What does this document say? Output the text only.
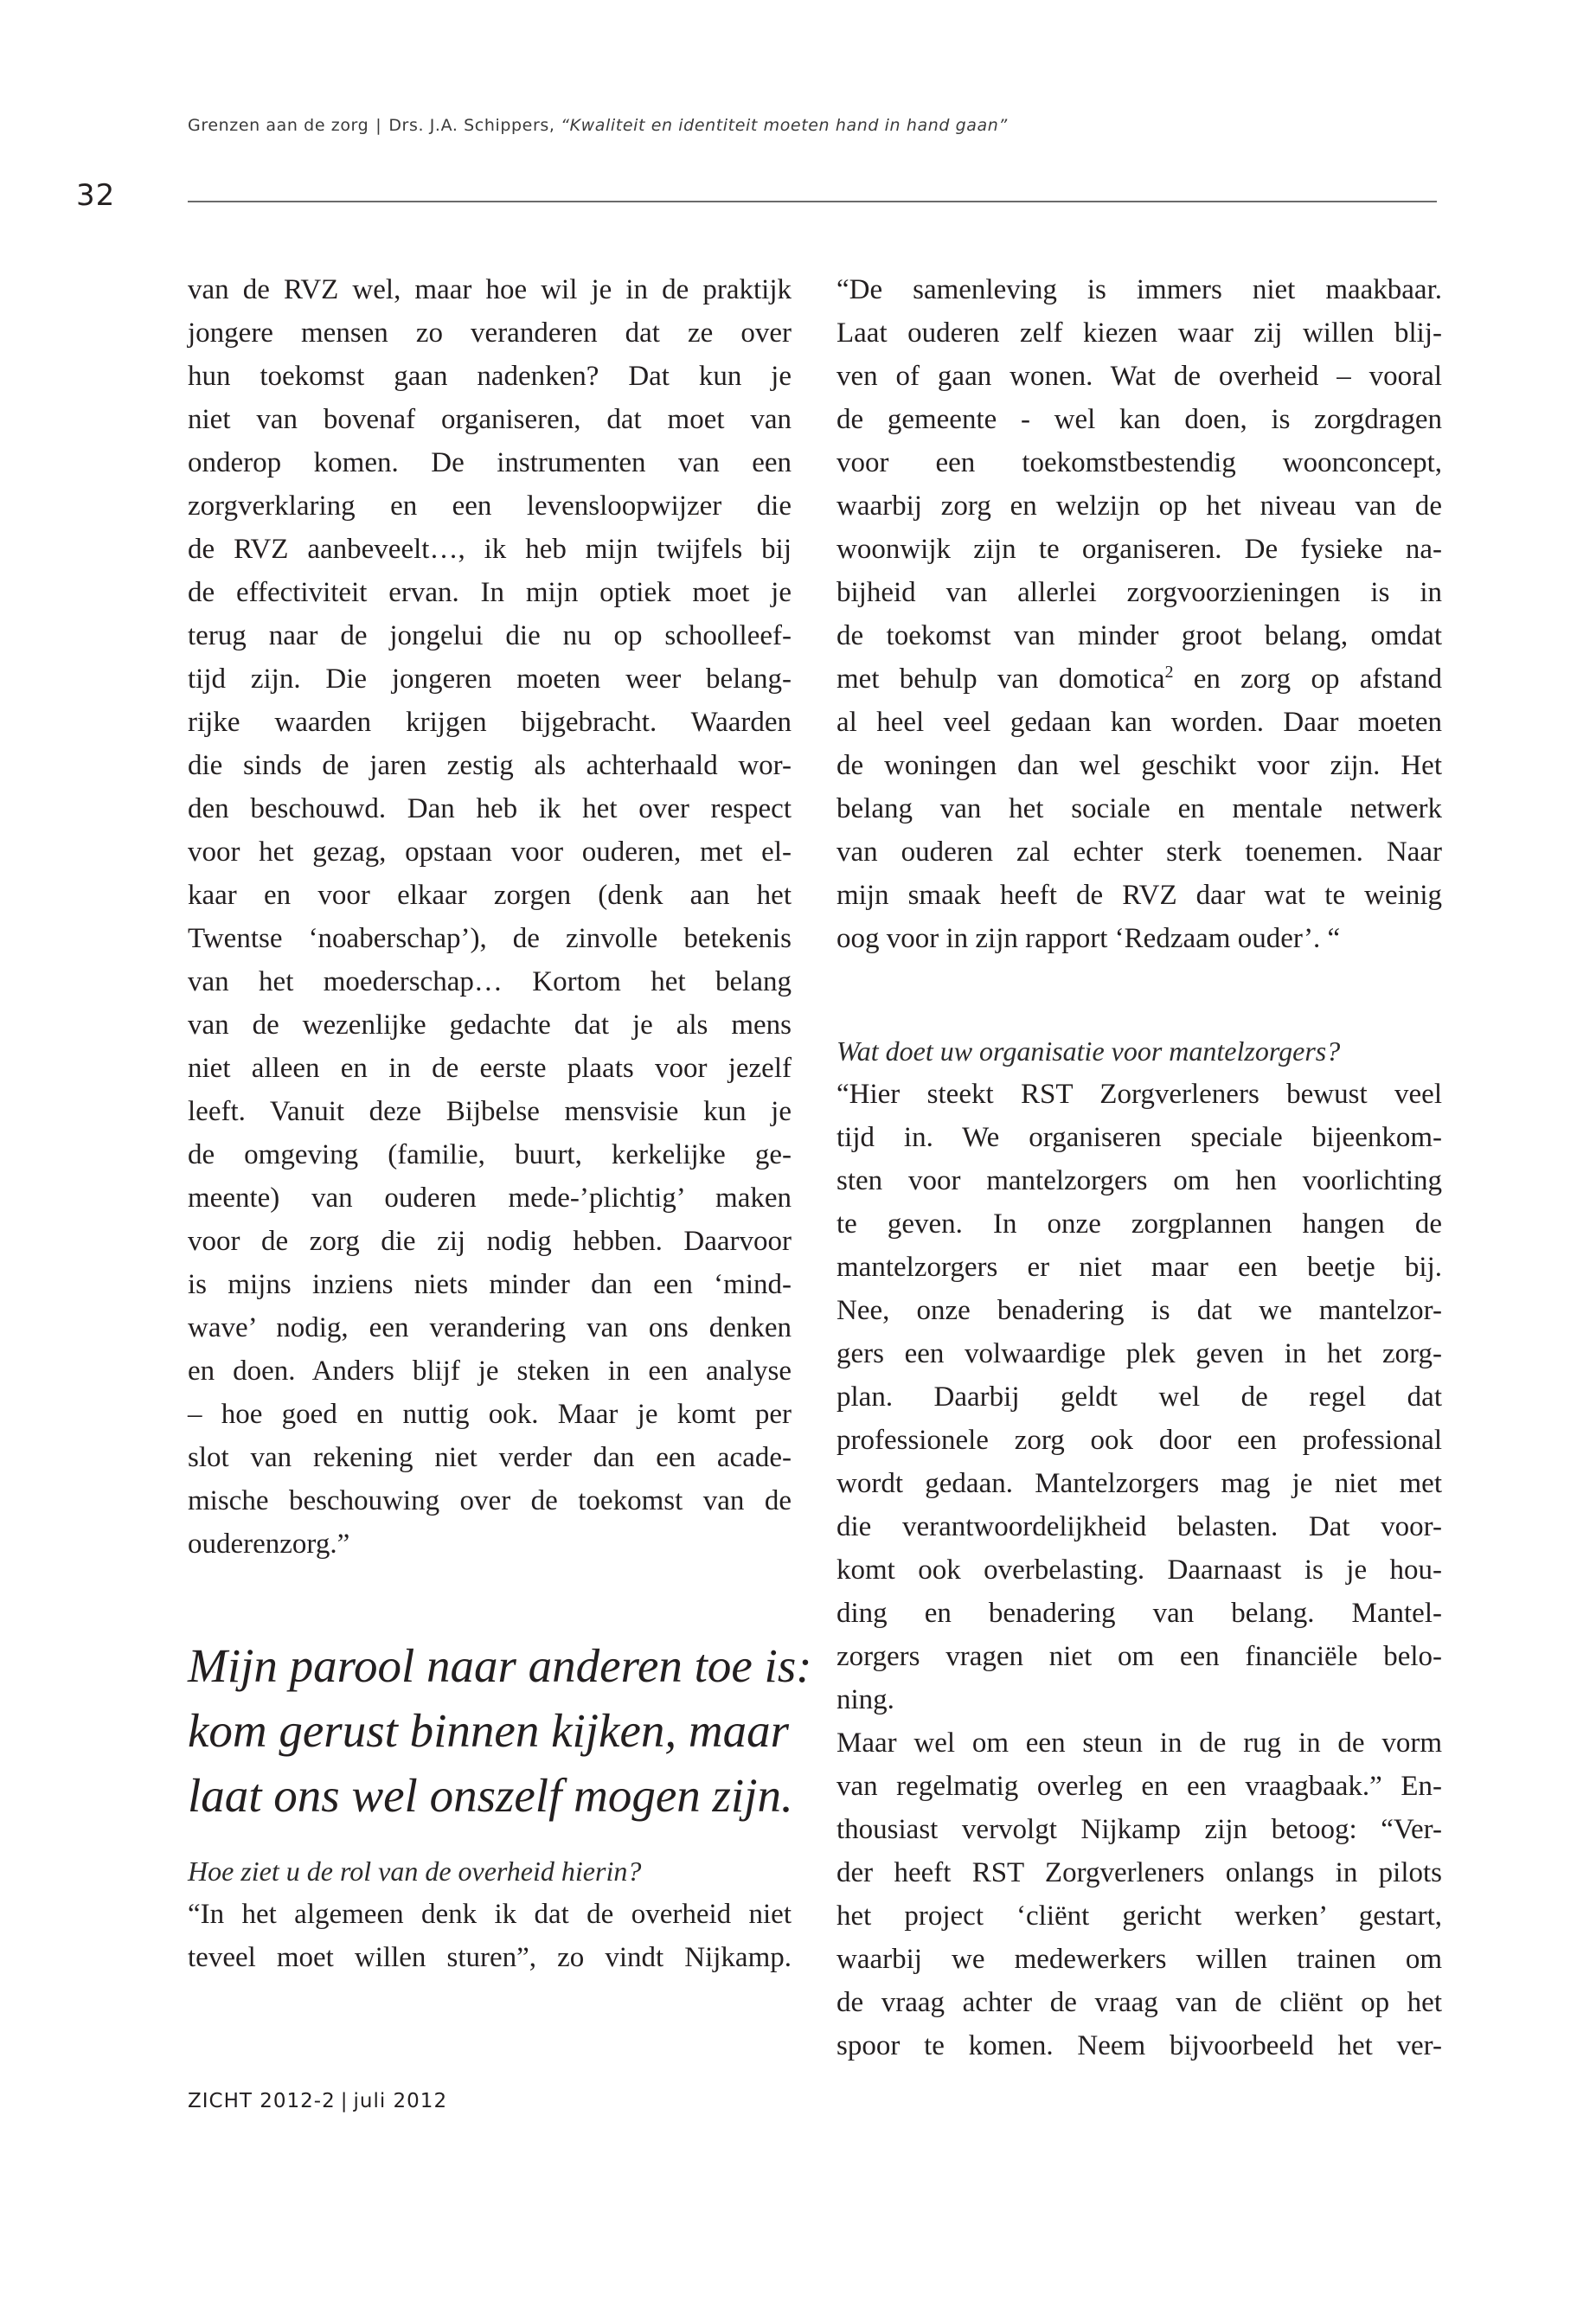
Grenzen aan de zorg | Drs. J.A. Schippers, “Kwaliteit en identiteit moeten hand in hand gaan”
32
van de RVZ wel, maar hoe wil je in de praktijk
jongere mensen zo veranderen dat ze over
hun toekomst gaan nadenken? Dat kun je
niet van bovenaf organiseren, dat moet van
onderop komen. De instrumenten van een
zorgverklaring en een levensloopwijzer die
de RVZ aanbeveelt…, ik heb mijn twijfels bij
de effectiviteit ervan. In mijn optiek moet je
terug naar de jongelui die nu op schoolleef-
tijd zijn. Die jongeren moeten weer belang-
rijke waarden krijgen bijgebracht. Waarden
die sinds de jaren zestig als achterhaald wor-
den beschouwd. Dan heb ik het over respect
voor het gezag, opstaan voor ouderen, met el-
kaar en voor elkaar zorgen (denk aan het
Twentse ‘noaberschap’), de zinvolle betekenis
van het moederschap… Kortom het belang
van de wezenlijke gedachte dat je als mens
niet alleen en in de eerste plaats voor jezelf
leeft. Vanuit deze Bijbelse mensvisie kun je
de omgeving (familie, buurt, kerkelijke ge-
meente) van ouderen mede-’plichtig’ maken
voor de zorg die zij nodig hebben. Daarvoor
is mijns inziens niets minder dan een ‘mind-
wave’ nodig, een verandering van ons denken
en doen. Anders blijf je steken in een analyse
– hoe goed en nuttig ook. Maar je komt per
slot van rekening niet verder dan een acade-
mische beschouwing over de toekomst van de
ouderenzorg.”
Mijn parool naar anderen toe is:
kom gerust binnen kijken, maar
laat ons wel onszelf mogen zijn.
Hoe ziet u de rol van de overheid hierin?
“In het algemeen denk ik dat de overheid niet
teveel moet willen sturen”, zo vindt Nijkamp.
“De samenleving is immers niet maakbaar.
Laat ouderen zelf kiezen waar zij willen blij-
ven of gaan wonen. Wat de overheid – vooral
de gemeente - wel kan doen, is zorgdragen
voor een toekomstbestendig woonconcept,
waarbij zorg en welzijn op het niveau van de
woonwijk zijn te organiseren. De fysieke na-
bijheid van allerlei zorgvoorzieningen is in
de toekomst van minder groot belang, omdat
met behulp van domotica$^2$ en zorg op afstand
al heel veel gedaan kan worden. Daar moeten
de woningen dan wel geschikt voor zijn. Het
belang van het sociale en mentale netwerk
van ouderen zal echter sterk toenemen. Naar
mijn smaak heeft de RVZ daar wat te weinig
oog voor in zijn rapport ‘Redzaam ouder’. “
Wat doet uw organisatie voor mantelzorgers?
“Hier steekt RST Zorgverleners bewust veel
tijd in. We organiseren speciale bijeenkom-
sten voor mantelzorgers om hen voorlichting
te geven. In onze zorgplannen hangen de
mantelzorgers er niet maar een beetje bij.
Nee, onze benadering is dat we mantelzor-
gers een volwaardige plek geven in het zorg-
plan. Daarbij geldt wel de regel dat
professionele zorg ook door een professional
wordt gedaan. Mantelzorgers mag je niet met
die verantwoordelijkheid belasten. Dat voor-
komt ook overbelasting. Daarnaast is je hou-
ding en benadering van belang. Mantel-
zorgers vragen niet om een financiële belo-
ning.
Maar wel om een steun in de rug in de vorm
van regelmatig overleg en een vraagbaak.” En-
thousiast vervolgt Nijkamp zijn betoog: “Ver-
der heeft RST Zorgverleners onlangs in pilots
het project ‘cliënt gericht werken’ gestart,
waarbij we medewerkers willen trainen om
de vraag achter de vraag van de cliënt op het
spoor te komen. Neem bijvoorbeeld het ver-
ZICHT 2012-2 | juli 2012
